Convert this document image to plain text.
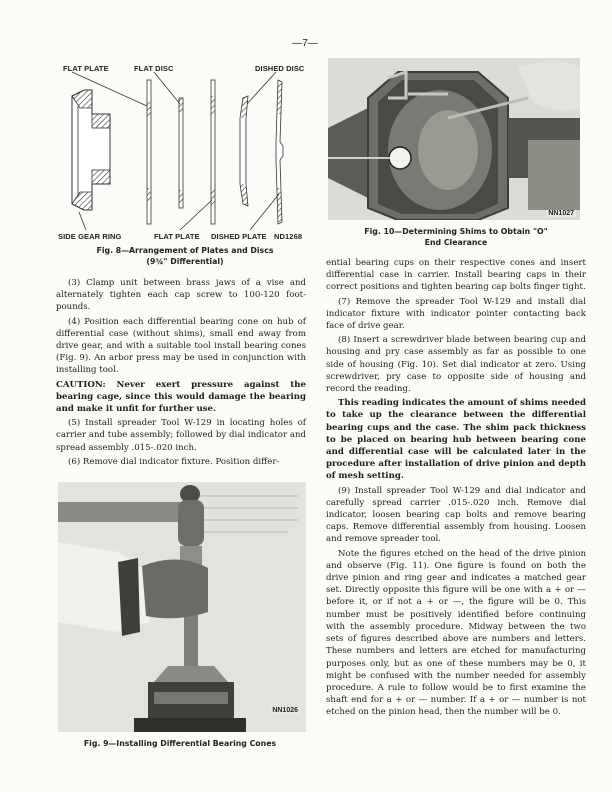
—7—
FLAT PLATE	FLAT DISC	DISHED DISC
SIDE GEAR RING	FLAT PLATE DISHED PLATE ND1268
Fig. 8—Arrangement of Plates and Discs
(9¾" Differential)
NN1027
Fig. 10—Determining Shims to Obtain "O"
End Clearance

(3) Clamp unit between brass jaws of a vise and alternately tighten each cap screw to 100-120 foot-pounds.

(4) Position each differential bearing cone on hub of differential case (without shims), small end away from drive gear, and with a suitable tool install bearing cones (Fig. 9). An arbor press may be used in conjunction with installing tool.

CAUTION: Never exert pressure against the bearing cage, since this would damage the bearing and make it unfit for further use.

(5) Install spreader Tool W-129 in locating holes of carrier and tube assembly; followed by dial indicator and spread assembly .015-.020 inch.

(6) Remove dial indicator fixture. Position differ-

NN1026
Fig. 9—Installing Differential Bearing Cones

ential bearing cups on their respective cones and insert differential case in carrier. Install bearing caps in their correct positions and tighten bearing cap bolts finger tight.

(7) Remove the spreader Tool W-129 and install dial indicator fixture with indicator pointer contacting back face of drive gear.

(8) Insert a screwdriver blade between bearing cup and housing and pry case assembly as far as possible to one side of housing (Fig. 10). Set dial indicator at zero. Using screwdriver, pry case to opposite side of housing and record the reading.

This reading indicates the amount of shims needed to take up the clearance between the differential bearing cups and the case. The shim pack thickness to be placed on bearing hub between bearing cone and differential case will be calculated later in the procedure after installation of drive pinion and depth of mesh setting.

(9) Install spreader Tool W-129 and dial indicator and carefully spread carrier .015-.020 inch. Remove dial indicator, loosen bearing cap bolts and remove bearing caps. Remove differential assembly from housing. Loosen and remove spreader tool.

Note the figures etched on the head of the drive pinion and observe (Fig. 11). One figure is found on both the drive pinion and ring gear and indicates a matched gear set. Directly opposite this figure will be one with a + or — before it, or if not a + or —, the figure will be 0. This number must be positively identified before continuing with the assembly procedure. Midway between the two sets of figures described above are numbers and letters. These numbers and letters are etched for manufacturing purposes only, but as one of these numbers may be 0, it might be confused with the number needed for assembly procedure. A rule to follow would be to first examine the shaft end for a + or — number. If a + or — number is not etched on the pinion head, then the number will be 0.
